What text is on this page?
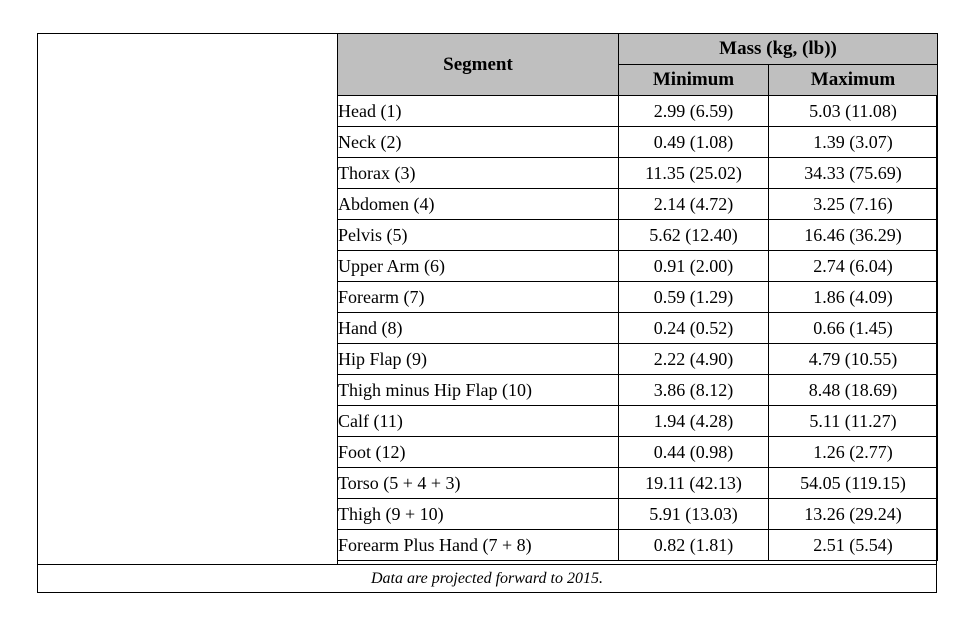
Segment	Mass (kg, (lb))	
	Minimum	Maximum
Head (1)	2.99 (6.59)	5.03 (11.08)
Neck (2)	0.49 (1.08)	1.39 (3.07)
Thorax (3)	11.35 (25.02)	34.33 (75.69)
Abdomen (4)	2.14 (4.72)	3.25 (7.16)
Pelvis (5)	5.62 (12.40)	16.46 (36.29)
Upper Arm (6)	0.91 (2.00)	2.74 (6.04)
Forearm (7)	0.59 (1.29)	1.86 (4.09)
Hand (8)	0.24 (0.52)	0.66 (1.45)
Hip Flap (9)	2.22 (4.90)	4.79 (10.55)
Thigh minus Hip Flap (10)	3.86 (8.12)	8.48 (18.69)
Calf (11)	1.94 (4.28)	5.11 (11.27)
Foot (12)	0.44 (0.98)	1.26 (2.77)
Torso (5 + 4 + 3)	19.11 (42.13)	54.05 (119.15)
Thigh (9 + 10)	5.91 (13.03)	13.26 (29.24)
Forearm Plus Hand (7 + 8)	0.82 (1.81)	2.51 (5.54)
Data are projected forward to 2015.
